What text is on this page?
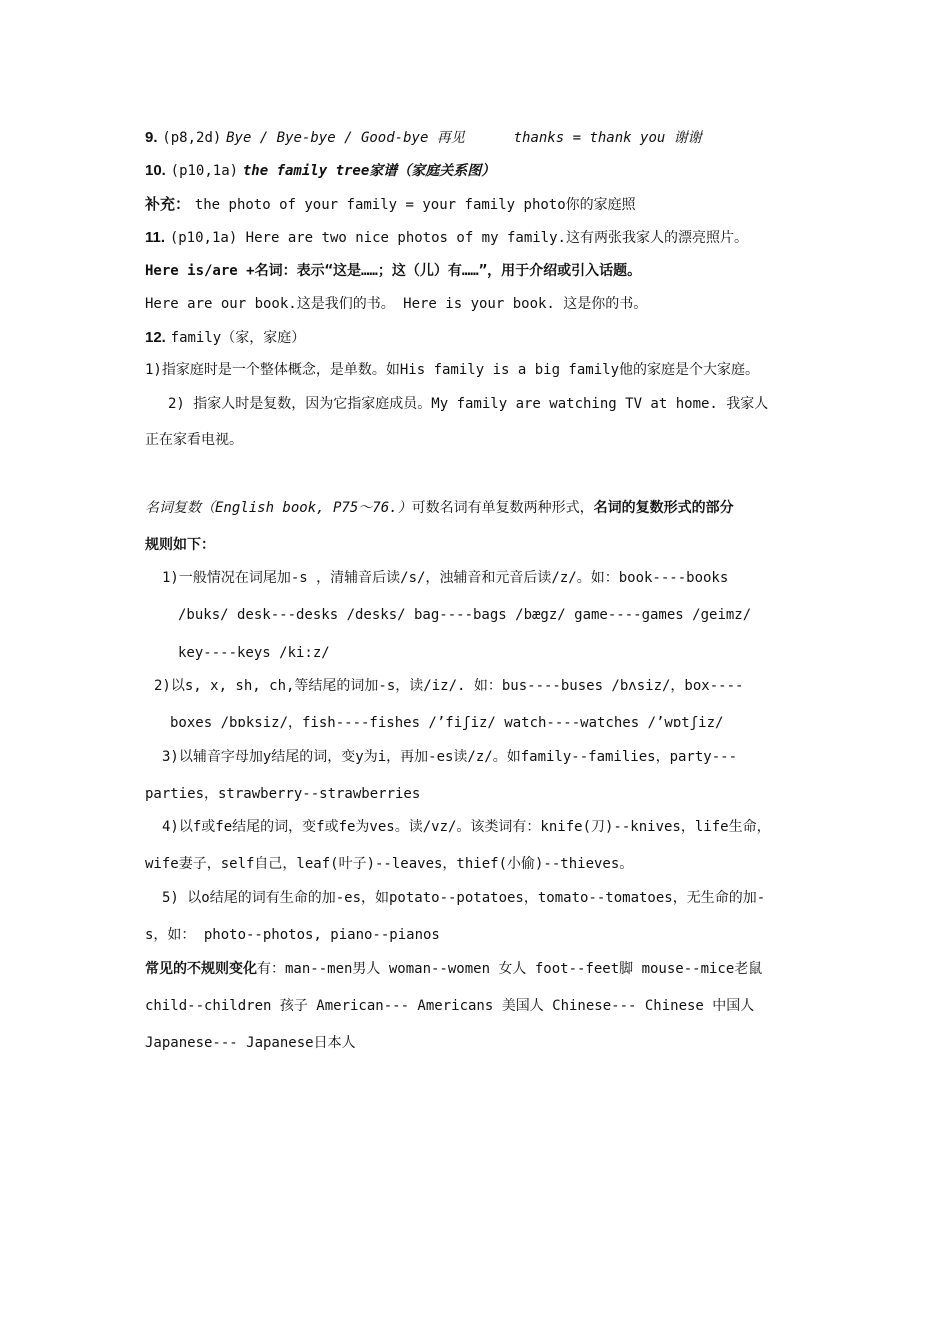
9. (p8,2d) Bye / Bye-bye / Good-bye 再见	thanks = thank you 谢谢
10. (p10,1a) the family tree家谱（家庭关系图）
补充： the photo of your family = your family photo你的家庭照
11. (p10,1a) Here are two nice photos of my family.这有两张我家人的漂亮照片。
Here is/are +名词：表示“这是……；这（儿）有……”，用于介绍或引入话题。
Here are our book.这是我们的书。 Here is your book. 这是你的书。
12. family（家，家庭）
1)指家庭时是一个整体概念，是单数。如His family is a big family他的家庭是个大家庭。
2) 指家人时是复数，因为它指家庭成员。My family are watching TV at home. 我家人
正在家看电视。
名词复数（English book, P75～76.）可数名词有单复数两种形式，名词的复数形式的部分
规则如下：
1)一般情况在词尾加-s ，清辅音后读/s/，浊辅音和元音后读/z/。如：book----books
/buks/ desk---desks /desks/ bag----bags /bægz/ game----games /geimz/
key----keys /ki:z/
2)以s, x, sh, ch,等结尾的词加-s，读/iz/. 如：bus----buses /bʌsiz/，box----
boxes /bɒksiz/，fish----fishes /’fiʃiz/ watch----watches /’wɒtʃiz/
3)以辅音字母加y结尾的词，变y为i，再加-es读/z/。如family--families，party---
parties，strawberry--strawberries
4)以f或fe结尾的词，变f或fe为ves。读/vz/。该类词有：knife(刀)--knives，life生命，
wife妻子，self自己，leaf(叶子)--leaves，thief(小偷)--thieves。
5) 以o结尾的词有生命的加-es，如potato--potatoes，tomato--tomatoes，无生命的加-
s，如： photo--photos, piano--pianos
常见的不规则变化有：man--men男人 woman--women 女人 foot--feet脚 mouse--mice老鼠
child--children 孩子 American--- Americans 美国人 Chinese--- Chinese 中国人
Japanese--- Japanese日本人
